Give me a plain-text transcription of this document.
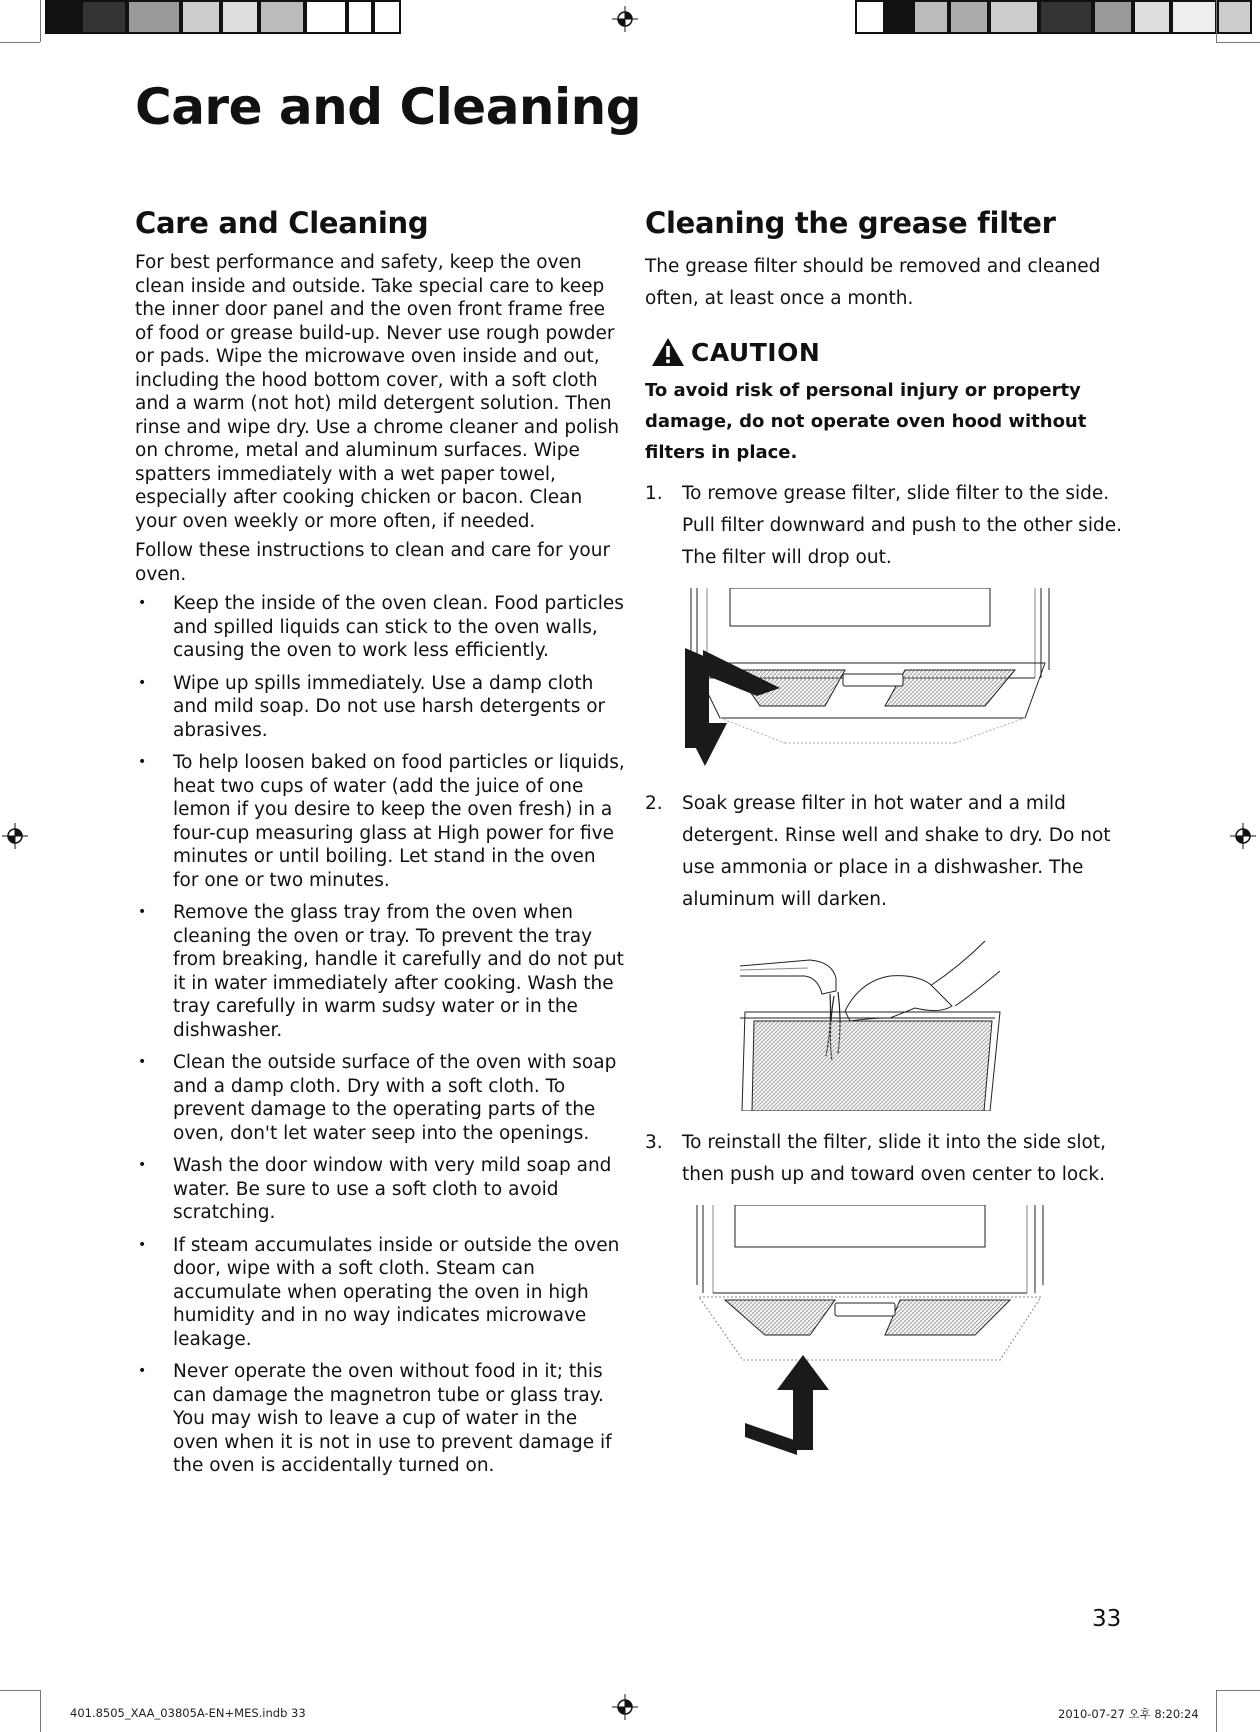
Care and Cleaning
Care and Cleaning

For best performance and safety, keep the oven clean inside and outside. Take special care to keep the inner door panel and the oven front frame free of food or grease build-up. Never use rough powder or pads. Wipe the microwave oven inside and out, including the hood bottom cover, with a soft cloth and a warm (not hot) mild detergent solution. Then rinse and wipe dry. Use a chrome cleaner and polish on chrome, metal and aluminum surfaces. Wipe spatters immediately with a wet paper towel, especially after cooking chicken or bacon. Clean your oven weekly or more often, if needed.

Follow these instructions to clean and care for your oven.

• Keep the inside of the oven clean. Food particles and spilled liquids can stick to the oven walls, causing the oven to work less efficiently.
• Wipe up spills immediately. Use a damp cloth and mild soap. Do not use harsh detergents or abrasives.
• To help loosen baked on food particles or liquids, heat two cups of water (add the juice of one lemon if you desire to keep the oven fresh) in a four-cup measuring glass at High power for five minutes or until boiling. Let stand in the oven for one or two minutes.
• Remove the glass tray from the oven when cleaning the oven or tray. To prevent the tray from breaking, handle it carefully and do not put it in water immediately after cooking. Wash the tray carefully in warm sudsy water or in the dishwasher.
• Clean the outside surface of the oven with soap and a damp cloth. Dry with a soft cloth. To prevent damage to the operating parts of the oven, don't let water seep into the openings.
• Wash the door window with very mild soap and water. Be sure to use a soft cloth to avoid scratching.
• If steam accumulates inside or outside the oven door, wipe with a soft cloth. Steam can accumulate when operating the oven in high humidity and in no way indicates microwave leakage.
• Never operate the oven without food in it; this can damage the magnetron tube or glass tray. You may wish to leave a cup of water in the oven when it is not in use to prevent damage if the oven is accidentally turned on.
Cleaning the grease filter

The grease filter should be removed and cleaned often, at least once a month.

CAUTION

To avoid risk of personal injury or property damage, do not operate oven hood without filters in place.

1. To remove grease filter, slide filter to the side. Pull filter downward and push to the other side. The filter will drop out.
2. Soak grease filter in hot water and a mild detergent. Rinse well and shake to dry. Do not use ammonia or place in a dishwasher. The aluminum will darken.
3. To reinstall the filter, slide it into the side slot, then push up and toward oven center to lock.
33
401.8505_XAA_03805A-EN+MES.indb 33	2010-07-27 오후 8:20:24
